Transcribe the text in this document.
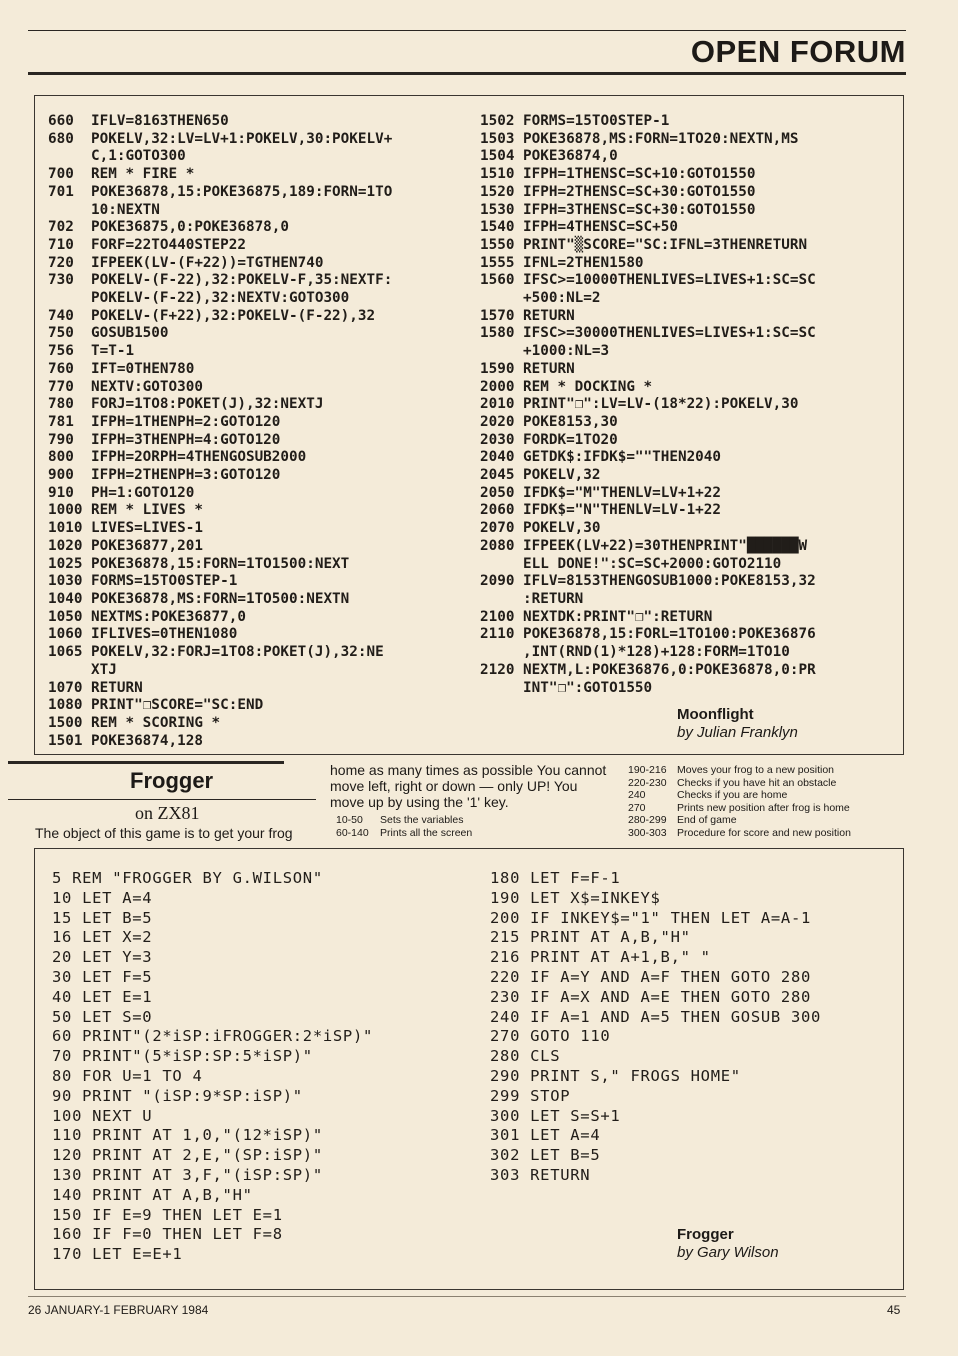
OPEN FORUM
660  IFLV=8163THEN650
680  POKELV,32:LV=LV+1:POKELV,30:POKELV+
C,1:GOTO300
700  REM * FIRE *
701  POKE36878,15:POKE36875,189:FORN=1TO
10:NEXTN
702  POKE36875,0:POKE36878,0
710  FORF=22TO440STEP22
720  IFPEEK(LV-(F+22))=TGTHEN740
730  POKELV-(F-22),32:POKELV-F,35:NEXTF:
POKELV-(F-22),32:NEXTV:GOTO300
740  POKELV-(F+22),32:POKELV-(F-22),32
750  GOSUB1500
756  T=T-1
760  IFT=0THEN780
770  NEXTV:GOTO300
780  FORJ=1TO8:POKET(J),32:NEXTJ
781  IFPH=1THENPH=2:GOTO120
790  IFPH=3THENPH=4:GOTO120
800  IFPH=2ORPH=4THENGOSUB2000
900  IFPH=2THENPH=3:GOTO120
910  PH=1:GOTO120
1000 REM * LIVES *
1010 LIVES=LIVES-1
1020 POKE36877,201
1025 POKE36878,15:FORN=1TO1500:NEXT
1030 FORMS=15TO0STEP-1
1040 POKE36878,MS:FORN=1TO500:NEXTN
1050 NEXTMS:POKE36877,0
1060 IFLIVES=0THEN1080
1065 POKELV,32:FORJ=1TO8:POKET(J),32:NE
XTJ
1070 RETURN
1080 PRINT"❐SCORE="SC:END
1500 REM * SCORING *
1501 POKE36874,128
1502 FORMS=15TO0STEP-1
1503 POKE36878,MS:FORN=1TO20:NEXTN,MS
1504 POKE36874,0
1510 IFPH=1THENSC=SC+10:GOTO1550
1520 IFPH=2THENSC=SC+30:GOTO1550
1530 IFPH=3THENSC=SC+30:GOTO1550
1540 IFPH=4THENSC=SC+50
1550 PRINT"▒SCORE="SC:IFNL=3THENRETURN
1555 IFNL=2THEN1580
1560 IFSC>=10000THENLIVES=LIVES+1:SC=SC
+500:NL=2
1570 RETURN
1580 IFSC>=30000THENLIVES=LIVES+1:SC=SC
+1000:NL=3
1590 RETURN
2000 REM * DOCKING *
2010 PRINT"❐":LV=LV-(18*22):POKELV,30
2020 POKE8153,30
2030 FORDK=1TO20
2040 GETDK$:IFDK$=""THEN2040
2045 POKELV,32
2050 IFDK$="M"THENLV=LV+1+22
2060 IFDK$="N"THENLV=LV-1+22
2070 POKELV,30
2080 IFPEEK(LV+22)=30THENPRINT"██████W
ELL DONE!":SC=SC+2000:GOTO2110
2090 IFLV=8153THENGOSUB1000:POKE8153,32
:RETURN
2100 NEXTDK:PRINT"❐":RETURN
2110 POKE36878,15:FORL=1TO100:POKE36876
,INT(RND(1)*128)+128:FORM=1TO10
2120 NEXTM,L:POKE36876,0:POKE36878,0:PR
INT"❐":GOTO1550
Moonflight
by Julian Franklyn
Frogger
on ZX81
The object of this game is to get your frog
home as many times as possible You cannot move left, right or down — only UP! You move up by using the '1' key.
10-50 Sets the variables
60-140 Prints all the screen
190-216 Moves your frog to a new position
220-230 Checks if you have hit an obstacle
240	Checks if you are home
270	Prints new position after frog is home
280-299 End of game
300-303 Procedure for score and new position
5 REM "FROGGER BY G.WILSON"
10 LET A=4
15 LET B=5
16 LET X=2
20 LET Y=3
30 LET F=5
40 LET E=1
50 LET S=0
60 PRINT"(2*iSP:iFROGGER:2*iSP)"
70 PRINT"(5*iSP:SP:5*iSP)"
80 FOR U=1 TO 4
90 PRINT "(iSP:9*SP:iSP)"
100 NEXT U
110 PRINT AT 1,0,"(12*iSP)"
120 PRINT AT 2,E,"(SP:iSP)"
130 PRINT AT 3,F,"(iSP:SP)"
140 PRINT AT A,B,"H"
150 IF E=9 THEN LET E=1
160 IF F=0 THEN LET F=8
170 LET E=E+1
180 LET F=F-1
190 LET X$=INKEY$
200 IF INKEY$="1" THEN LET A=A-1
215 PRINT AT A,B,"H"
216 PRINT AT A+1,B," "
220 IF A=Y AND A=F THEN GOTO 280
230 IF A=X AND A=E THEN GOTO 280
240 IF A=1 AND A=5 THEN GOSUB 300
270 GOTO 110
280 CLS
290 PRINT S," FROGS HOME"
299 STOP
300 LET S=S+1
301 LET A=4
302 LET B=5
303 RETURN
Frogger
by Gary Wilson
26 JANUARY-1 FEBRUARY 1984	45
